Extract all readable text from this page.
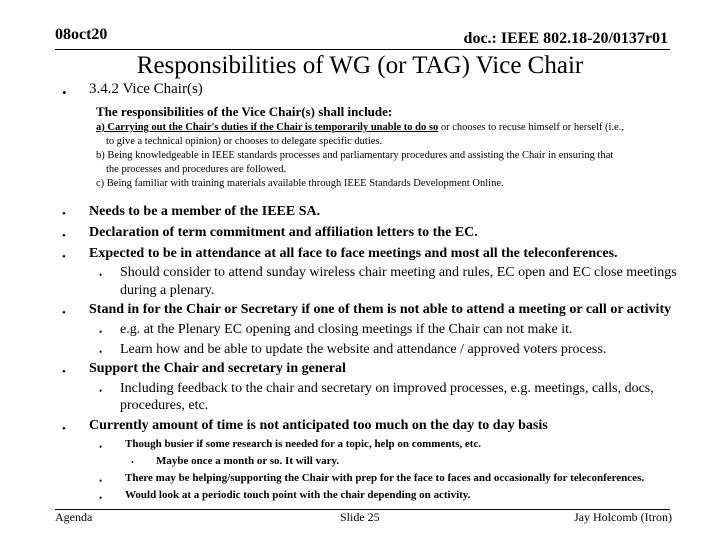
08oct20	doc.: IEEE 802.18-20/0137r01
Responsibilities of WG (or TAG) Vice Chair
• 3.4.2 Vice Chair(s)
The responsibilities of the Vice Chair(s) shall include:
a) Carrying out the Chair's duties if the Chair is temporarily unable to do so or chooses to recuse himself or herself (i.e.,
to give a technical opinion) or chooses to delegate specific duties.
b) Being knowledgeable in IEEE standards processes and parliamentary procedures and assisting the Chair in ensuring that
the processes and procedures are followed.
c) Being familiar with training materials available through IEEE Standards Development Online.
• Needs to be a member of the IEEE SA.
• Declaration of term commitment and affiliation letters to the EC.
• Expected to be in attendance at all face to face meetings and most all the teleconferences.
• Should consider to attend sunday wireless chair meeting and rules, EC open and EC close meetings
during a plenary.
• Stand in for the Chair or Secretary if one of them is not able to attend a meeting or call or activity
• e.g. at the Plenary EC opening and closing meetings if the Chair can not make it.
• Learn how and be able to update the website and attendance / approved voters process.
• Support the Chair and secretary in general
• Including feedback to the chair and secretary on improved processes, e.g. meetings, calls, docs,
procedures, etc.
• Currently amount of time is not anticipated too much on the day to day basis
• Though busier if some research is needed for a topic, help on comments, etc.
• Maybe once a month or so. It will vary.
• There may be helping/supporting the Chair with prep for the face to faces and occasionally for teleconferences.
• Would look at a periodic touch point with the chair depending on activity.
Agenda	Slide 25	Jay Holcomb (Itron)
